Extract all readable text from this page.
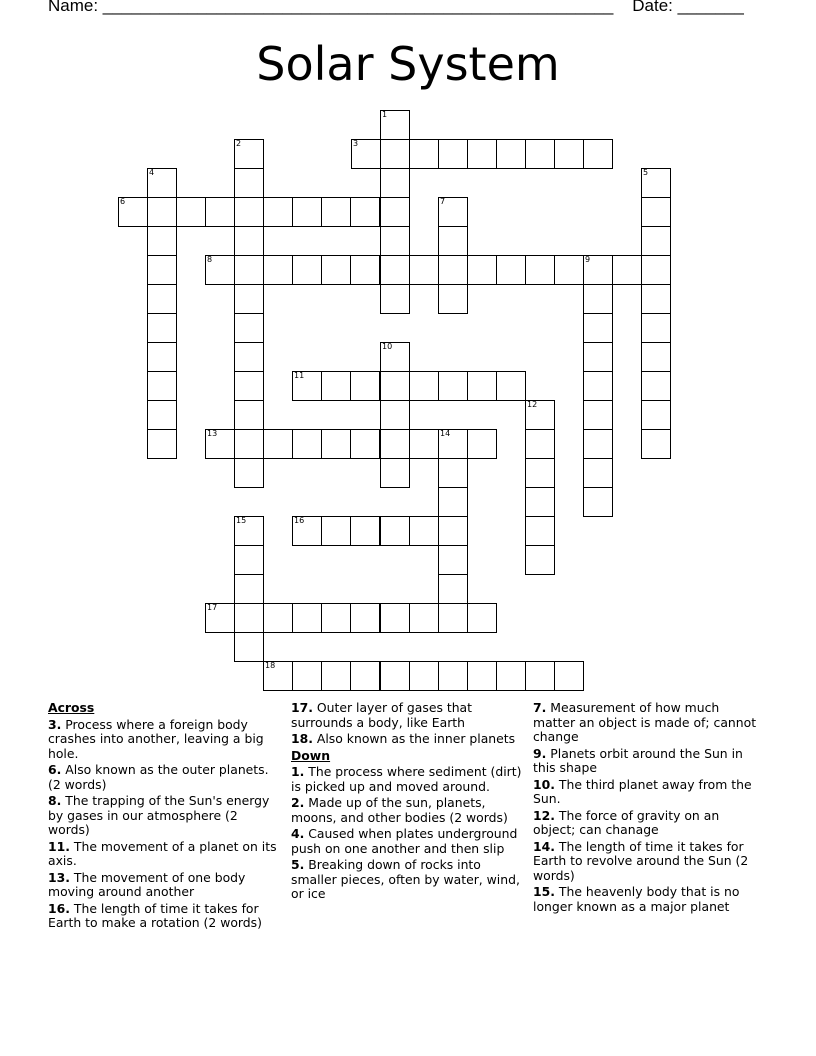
Name: ______________________________________________________ Date: _______
Solar System
1
2	3
4	5
6	7
8	9
10
11
12
13	14
15	16
17
18
Across
3. Process where a foreign body crashes into another, leaving a big hole.
6. Also known as the outer planets. (2 words)
8. The trapping of the Sun's energy by gases in our atmosphere (2 words)
11. The movement of a planet on its axis.
13. The movement of one body moving around another
16. The length of time it takes for Earth to make a rotation (2 words)
17. Outer layer of gases that surrounds a body, like Earth
18. Also known as the inner planets
Down
1. The process where sediment (dirt) is picked up and moved around.
2. Made up of the sun, planets, moons, and other bodies (2 words)
4. Caused when plates underground push on one another and then slip
5. Breaking down of rocks into smaller pieces, often by water, wind, or ice
7. Measurement of how much matter an object is made of; cannot change
9. Planets orbit around the Sun in this shape
10. The third planet away from the Sun.
12. The force of gravity on an object; can chanage
14. The length of time it takes for Earth to revolve around the Sun (2 words)
15. The heavenly body that is no longer known as a major planet
